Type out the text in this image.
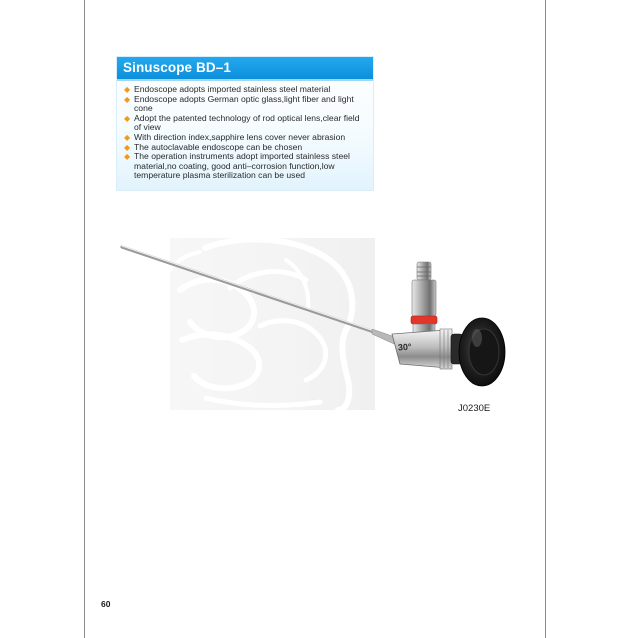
Sinuscope BD–1
◆ Endoscope adopts imported stainless steel material
◆ Endoscope adopts German optic glass,light fiber and light cone
◆ Adopt the patented technology of rod optical lens,clear field of view
◆ With direction index,sapphire lens cover never abrasion
◆ The autoclavable endoscope can be chosen
◆ The operation instruments adopt imported stainless steel material,no coating, good anti–corrosion function,low temperature plasma sterilization can be used
30°
J0230E
60
